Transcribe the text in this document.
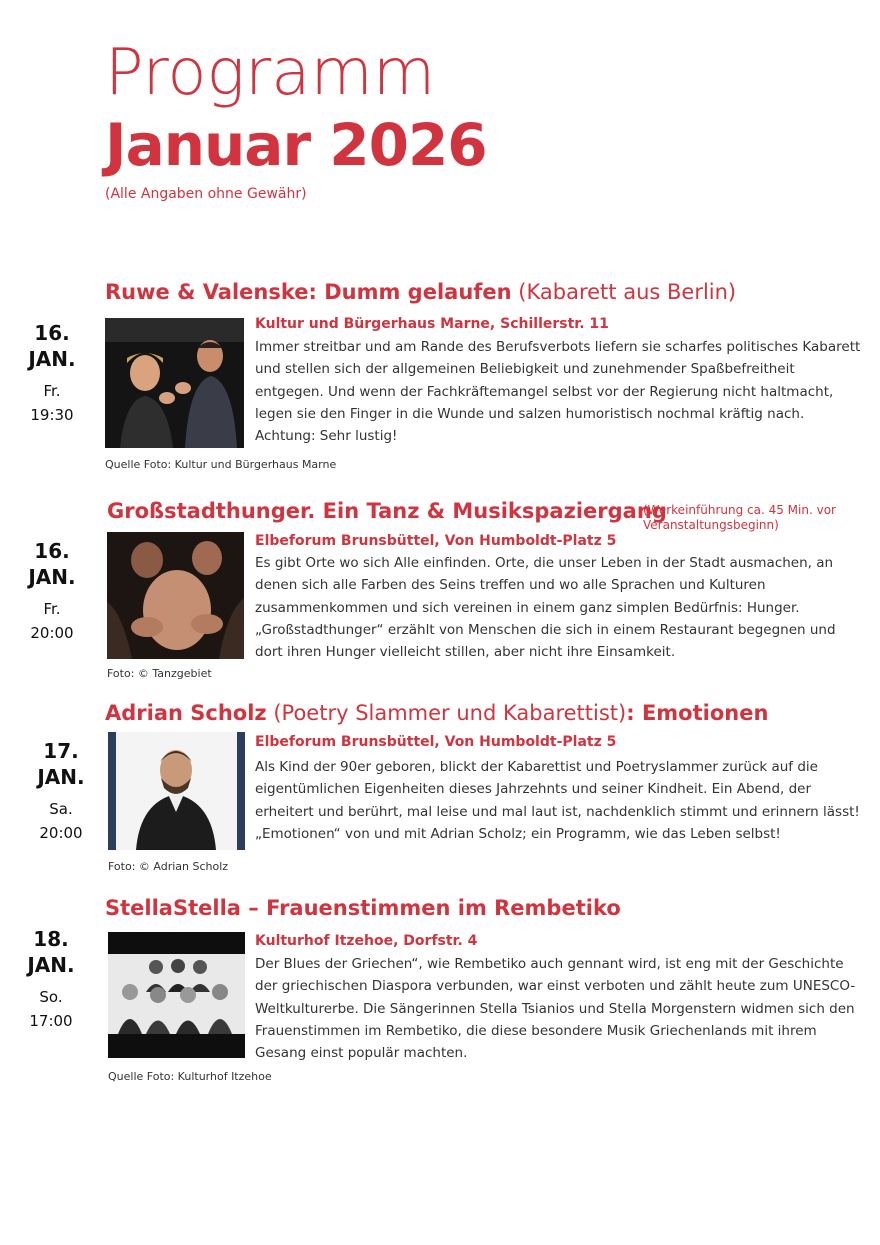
Programm
Januar 2026
(Alle Angaben ohne Gewähr)
Ruwe & Valenske: Dumm gelaufen (Kabarett aus Berlin)
16.
JAN.
Fr.
19:30
Kultur und Bürgerhaus Marne, Schillerstr. 11
Immer streitbar und am Rande des Berufsverbots liefern sie scharfes politisches Kabarett und stellen sich der allgemeinen Beliebigkeit und zunehmender Spaßbefreitheit entgegen. Und wenn der Fachkräftemangel selbst vor der Regierung nicht haltmacht, legen sie den Finger in die Wunde und salzen humoristisch nochmal kräftig nach. Achtung: Sehr lustig!
Quelle Foto: Kultur und Bürgerhaus Marne
Großstadthunger. Ein Tanz & Musikspaziergang
(Werkeinführung ca. 45 Min. vor Veranstaltungsbeginn)
16.
JAN.
Fr.
20:00
Elbeforum Brunsbüttel, Von Humboldt-Platz 5
Es gibt Orte wo sich Alle einfinden. Orte, die unser Leben in der Stadt ausmachen, an denen sich alle Farben des Seins treffen und wo alle Sprachen und Kulturen zusammenkommen und sich vereinen in einem ganz simplen Bedürfnis: Hunger. „Großstadthunger“ erzählt von Menschen die sich in einem Restaurant begegnen und dort ihren Hunger vielleicht stillen, aber nicht ihre Einsamkeit.
Foto: © Tanzgebiet
Adrian Scholz (Poetry Slammer und Kabarettist): Emotionen
17.
JAN.
Sa.
20:00
Elbeforum Brunsbüttel, Von Humboldt-Platz 5
Als Kind der 90er geboren, blickt der Kabarettist und Poetryslammer zurück auf die eigentümlichen Eigenheiten dieses Jahrzehnts und seiner Kindheit. Ein Abend, der erheitert und berührt, mal leise und mal laut ist, nachdenklich stimmt und erinnern lässt! „Emotionen“ von und mit Adrian Scholz; ein Programm, wie das Leben selbst!
Foto: © Adrian Scholz
StellaStella – Frauenstimmen im Rembetiko
18.
JAN.
So.
17:00
Kulturhof Itzehoe, Dorfstr. 4
Der Blues der Griechen“, wie Rembetiko auch gennant wird, ist eng mit der Geschichte der griechischen Diaspora verbunden, war einst verboten und zählt heute zum UNESCO-Weltkulturerbe. Die Sängerinnen Stella Tsianios und Stella Morgenstern widmen sich den Frauenstimmen im Rembetiko, die diese besondere Musik Griechenlands mit ihrem Gesang einst populär machten.
Quelle Foto: Kulturhof Itzehoe
